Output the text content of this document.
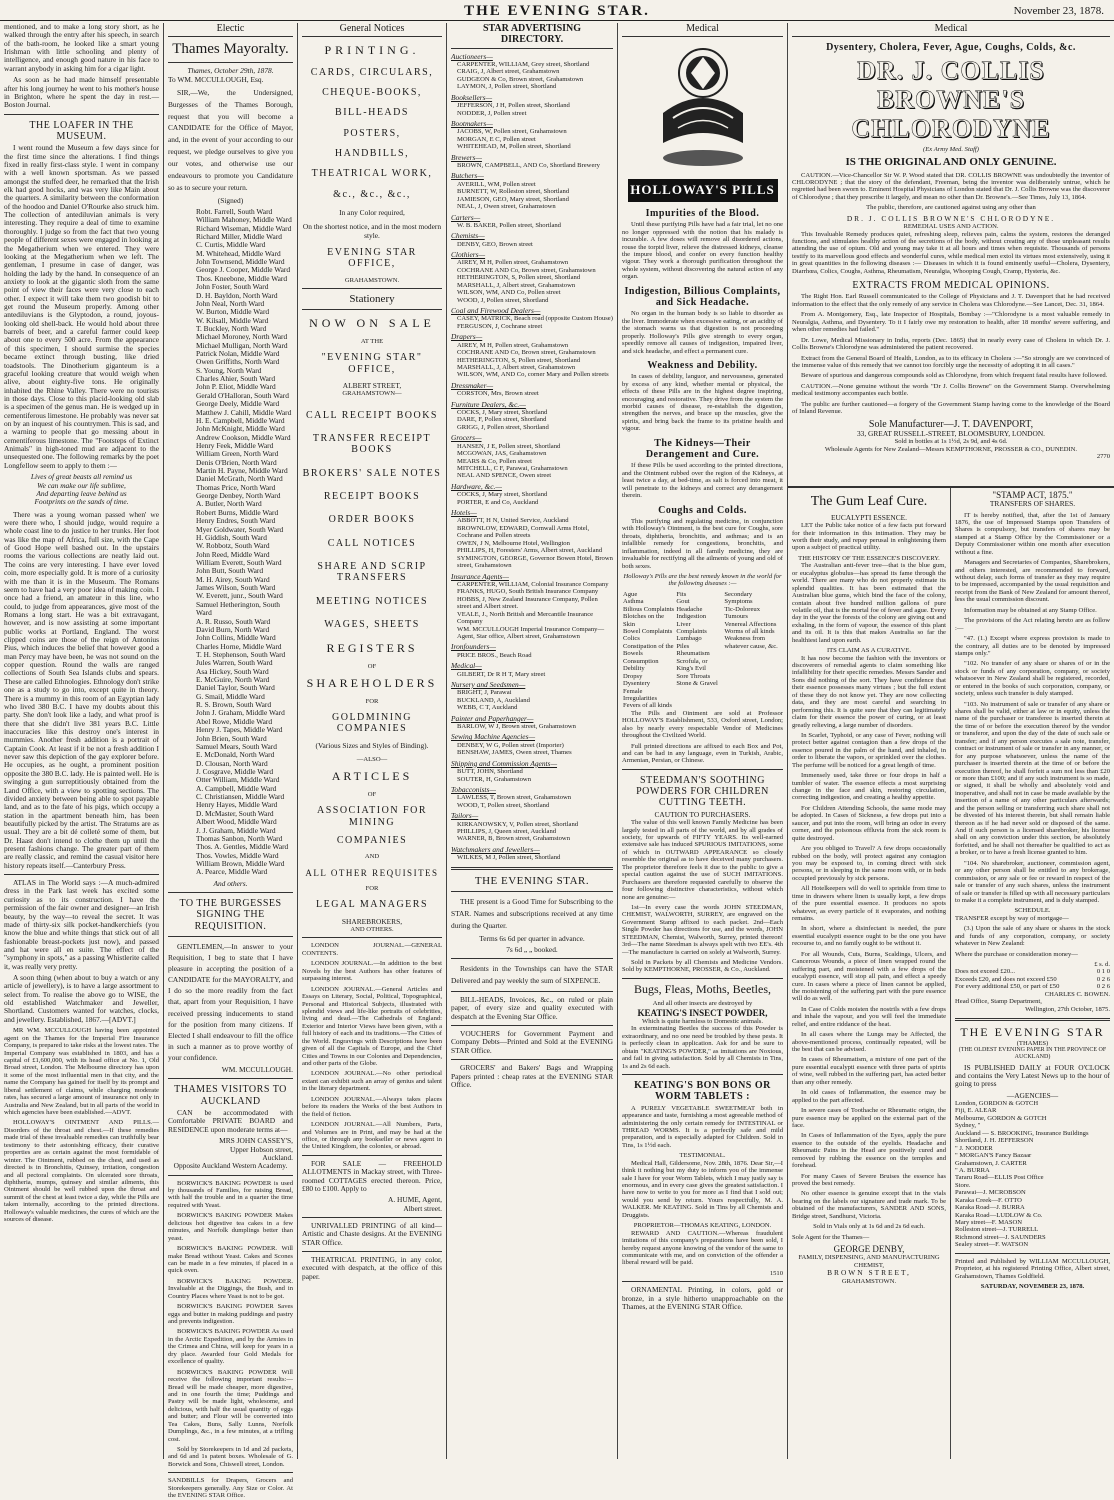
THE EVENING STAR.	November 23, 1878.

mentioned, and to make a long story short, as he walked through the entry after his speech, in search of the bath-room, he looked like a smart young Irishman with little schooling and plenty of intelligence, and enough good nature in his face to warrant anybody in asking him for a cigar light.

As soon as he had made himself presentable after his long journey he went to his mother's house in Brighton, where he spent the day in rest.—Boston Journal.

THE LOAFER IN THE MUSEUM.

I went round the Museum a few days since for the first time since the alterations. I find things fixed in really first-class style. I went in company with a well known sportsman. As we passed amongst the stuffed deer, he remarked that the Irish elk had good hocks, and was very like Main about the quarters. A similarity between the conformation of the hoodoo and Daniel O'Rourke also struck him. The collection of antediluvian animals is very interesting. They require a deal of time to examine thoroughly. I judge so from the fact that two young people of different sexes were engaged in looking at the Megatherium when we entered. They were looking at the Megatherium when we left. The gentleman, I presume in case of danger, was holding the lady by the hand. In consequence of an anxiety to look at the gigantic sloth from the same point of view their faces were very close to each other. I expect it will take them two goodish bit to get round the Museum properly. Among other antediluvians is the Glyptodon, a round, joyous-looking old shell-back. He would hold about three barrels of beer, and a careful farmer could keep about one to every 500 acre. From the appearance of this specimen, I should surmise the species became extinct through busting, like dried toadstools. The Dinotherium giganteum is a graceful looking creature that would weigh when alive, about eighty-five tons. He originally inhabited the Rhine Valley. There were no tourists in those days. Close to this placid-looking old slab is a specimen of the genus man. He is wedged up in cementiferous limestone. He probably was never sat on by an inquest of his countrymen. This is sad, and a warning to people that go messing about in cementiferous limestone. The "Footsteps of Extinct Animals" in high-toned mud are adjacent to the unsequested one. The following remarks by the poet Longfellow seem to apply to them :—

Lives of great beasts all remind us
We can make our life sublime,
And departing leave behind us
Footprints on the sands of time.

There was a young woman passed when' we were there who, I should judge, would require a whole coast line to do justice to her trunks. Her foot was like the map of Africa, full size, with the Cape of Good Hope well bashed out. In the upstairs rooms the various collections are neatly laid out. The coins are very interesting. I have ever loved coin, more especially gold. It is more of a curiosity with me than it is in the Museum. The Romans seem to have had a very poor idea of making coin. I once had a friend, an amateur in this line, who could, to judge from appearances, give most of the Romans a long start. He was a bit extravagant, however, and is now assisting at some important public works at Portland, England. The worst clipped coins are those of the reign of Antonius Pius, which induces the belief that however good a man Percy may have been, he was not sound on the copper question. Round the walls are ranged collections of South Sea Islands clubs and spears. These are called Ethnologies. Ethnology don't strike one as a study to go into, except quite in theory. There is a mummy in this room of an Egyptian lady who lived 380 B.C. I have my doubts about this party. She don't look like a lady, and what proof is there that she didn't live 381 years B.C. Little inaccuracies like this destroy one's interest in mummies. Another fresh addition is a portrait of Captain Cook. At least if it be not a fresh addition I never saw this depiction of the gay explorer before. He occupies, as he ought, a prominent position opposite the 380 B.C. lady. He is painted well. He is swinging a gun surreptitiously obtained from the Land Office, with a view to spotting sections. The divided anxiety between being able to spot payable land, and as to the fate of his pigs, which occupy a station in the apartment beneath him, has been beautifully picked by the artist. The Stratums are as usual. They are a bit dé colleté some of them, but Dr. Haast don't intend to clothe them up until the present fashions change. The greater part of them are really classic, and remind the casual visitor here history repeats itself.—Canterbury Press.

ATLAS in The World says :—A much-admired dress in the Park last week has excited some curiosity as to its construction. I have the permission of the fair owner and designer—an Irish beauty, by the way—to reveal the secret. It was made of thirty-six silk pocket-handkerchiefs (you know the blue and white things that stick out of all fashionable breast-pockets just now), and passed and hat were all en suite. The effect of the "symphony in spots," as a passing Whistlerite called it, was really very pretty.

A soon thing (when about to buy a watch or any article of jewellery), is to have a large assortment to select from. To realise the above go to WISE, the old established Watchmaker and Jeweller, Shortland. Customers wanted for watches, clocks, and jewellery. Established, 1867.—[ADVT.]

MR WM. MCCULLOUGH having been appointed agent on the Thames for the Imperial Fire Insurance Company, is prepared to take risks at the lowest rates. The Imperial Company was established in 1803, and has a capital of £1,600,000, with its head office at No. 1, Old Broad street, London. The Melbourne directory has upon it some of the most influential men in that city, and the name the Company has gained for itself by its prompt and liberal settlement of claims, while charging moderate rates, has secured a large amount of insurance not only in Australia and New Zealand, but in all parts of the world in which agencies have been established.—ADVT.

HOLLOWAY'S OINTMENT AND PILLS.—Disorders of the throat and chest.—If these remedies made trial of these invaluable remedies can truthfully bear testimony to their astonishing efficacy, their curative properties are as certain against the most formidable of winter. The Ointment, rubbed on the chest, and used as directed is in Bronchitis, Quinsey, irritation, congestion and all pectoral complaints. On ulcerated sore throats, diphtheria, mumps, quinsey and similar ailments, this Ointment should be well rubbed upon the throat and summit of the chest at least twice a day, while the Pills are taken internally, according to the printed directions. Holloway's valuable medicines, the cures of which are the sources of disease.

Electic
Thames Mayoralty.
Thames, October 29th, 1878.

To WM. MCCULLOUGH, Esq.

SIR,—We, the Undersigned, Burgesses of the Thames Borough, request that you will become a CANDIDATE for the Office of Mayor, and, in the event of your according to our request, we pledge ourselves to give you our votes, and otherwise use our endeavours to promote you Candidature so as to secure your return.

(Signed)

Robt. Farrell, South Ward
William Mahoney, Middle Ward
Richard Wiseman, Middle Ward
Richard Miller, Middle Ward
C. Curtis, Middle Ward
M. Whitehead, Middle Ward
John Townsend, Middle Ward
George J. Cooper, Middle Ward
Thos. Kneebone, Middle Ward
John Foster, South Ward
D. H. Bayldon, North Ward
John Neal, North Ward
W. Burton, Middle Ward
W. Kilsall, Middle Ward
T. Buckley, North Ward
Michael Moroney, North Ward
Michael Mulligan, North Ward
Patrick Nolan, Middle Ward
Owen Griffiths, North Ward
S. Young, North Ward
Charles Ahier, South Ward
John P. Eliot, Middle Ward
Gerald O'Halloran, South Ward
George Deely, Middle Ward
Matthew J. Cahill, Middle Ward
H. E. Campbell, Middle Ward
John McKnight, Middle Ward
Andrew Cookson, Middle Ward
Henry Feek, Middle Ward
William Green, North Ward
Denis O'Brien, North Ward
Martin H. Payne, Middle Ward
Daniel McGrath, North Ward
Thomas Price, North Ward
George Denbey, North Ward
A. Butler, North Ward
Robert Burns, Middle Ward
Henry Endres, South Ward
Myer Goldwater, South Ward
H. Giddish, South Ward
W. Robbotz, South Ward
John Reed, Middle Ward
William Everett, South Ward
John Butt, South Ward
M. H. Airey, South Ward
James Wilson, South Ward
W. Everett, junr., South Ward
Samuel Hetherington, South Ward
A. R. Russo, South Ward
David Burn, North Ward
John Collins, Middle Ward
Charles Horne, Middle Ward
T. H. Stephenson, South Ward
Jules Warren, South Ward
Asa Hickey, South Ward
E. McGuire, North Ward
Daniel Taylor, South Ward
G. Smail, Middle Ward
R. S. Brown, South Ward
John J. Graham, Middle Ward
Abel Rowe, Middle Ward
Henry J. Tapes, Middle Ward
John Brien, South Ward
Samuel Mears, South Ward
E. McDonald, North Ward
D. Clousan, North Ward
J. Cosgrave, Middle Ward
Otter William, Middle Ward
A. Campbell, Middle Ward
C. Christiansen, Middle Ward
Henry Hayes, Middle Ward
D. McMaster, South Ward
Albert Wood, Middle Ward
J. J. Graham, Middle Ward
Thomas Sanbon, North Ward
Thos. A. Gentles, Middle Ward
Thos. Vowles, Middle Ward
William Brown, Middle Ward
A. Pearce, Middle Ward

And others.

TO THE BURGESSES SIGNING THE REQUISITION.

GENTLEMEN,—In answer to your Requisition, I beg to state that I have pleasure in accepting the position of a CANDIDATE for the MAYORALTY, and I do so the more readily from the fact that, apart from your Requisition, I have received pressing inducements to stand for the position from many citizens. If Elected I shall endeavour to fill the office in such a manner as to prove worthy of your confidence.

WM. MCCULLOUGH.

THAMES VISITORS TO AUCKLAND

CAN be accommodated with Comfortable PRIVATE BOARD and RESIDENCE upon moderate terms at—

MRS JOHN CASSEY'S,
Upper Hobson street,
Auckland.
Opposite Auckland Western Academy.

BORWICK'S BAKING POWDER is used by thousands of Families, for raising Bread, with half the trouble and in a quarter the time required with Yeast.

BORWICK'S BAKING POWDER Makes delicious hot digestive tea cakes in a few minutes, and Norfolk dumplings better than yeast.

BORWICK'S BAKING POWDER. Will make Bread without Yeast. Cakes and Scones can be made in a few minutes, if placed in a quick oven.

BORWICK'S BAKING POWDER. Invaluable at the Diggings, the Bush, and in Country Places where Yeast is not to be got.

BORWICK'S BAKING POWDER Saves eggs and butter in making puddings and pastry and prevents indigestion.

BORWICK'S BAKING POWDER As used in the Arctic Expedition, and by the Armies in the Crimea and China, will keep for years in a dry place. Awarded four Gold Medals for excellence of quality.

BORWICK'S BAKING POWDER Will receive the following important results:—Bread will be made cheaper, more digestive, and in one fourth the time; Puddings and Pastry will be made light, wholesome, and delicious, with half the usual quantity of eggs and butter; and Flour will be converted into Tea Cakes, Buns, Sally Lunns, Norfolk Dumplings, &c., in a few minutes, at a trifling cost.

Sold by Storekeepers in 1d and 2d packets, and 6d and 1s patent boxes. Wholesale of G. Borwick and Sons, Chiswell street, London.

SANDBILLS for Drapers, Grocers and Storekeepers generally. Any Size or Color. At the EVENING STAR Office.

General Notices
PRINTING.
CARDS, CIRCULARS,
CHEQUE-BOOKS,
BILL-HEADS
POSTERS,
HANDBILLS,
THEATRICAL WORK,
&c., &c., &c.,
In any Color required,
On the shortest notice, and in the most modern style.
EVENING STAR OFFICE,
GRAHAMSTOWN.
Stationery
NOW ON SALE
AT THE
"EVENING STAR" OFFICE,
ALBERT STREET,
GRAHAMSTOWN—
CALL RECEIPT BOOKS
TRANSFER RECEIPT BOOKS
BROKERS' SALE NOTES
RECEIPT BOOKS
ORDER BOOKS
CALL NOTICES
SHARE AND SCRIP TRANSFERS
MEETING NOTICES
WAGES, SHEETS
REGISTERS
OF
SHAREHOLDERS
FOR
GOLDMINING COMPANIES
(Various Sizes and Styles of Binding).
—ALSO—
ARTICLES
OF
ASSOCIATION FOR MINING
COMPANIES
AND
ALL OTHER REQUISITES
FOR
LEGAL MANAGERS
SHAREBROKERS,
AND OTHERS.

LONDON JOURNAL.—GENERAL CONTENTS.

LONDON JOURNAL.—In addition to the best Novels by the best Authors has other features of surpassing interest.

LONDON JOURNAL.—General Articles and Essays on Literary, Social, Political, Topographical, Personal and Historical Subjects, illustrated with splendid views and life-like portraits of celebrities, living and dead.—The Cathedrals of England: Exterior and Interior Views have been given, with a full history of each and its traditions.—The Cities of the World. Engravings with Descriptions have been given of all the Capitals of Europe, and the Chief Cities and Towns in our Colonies and Dependencies, and other parts of the Globe.

LONDON JOURNAL.—No other periodical extant can exhibit such an array of genius and talent in the literary department.

LONDON JOURNAL.—Always takes places before its readers the Works of the best Authors in the field of fiction.

LONDON JOURNAL.—All Numbers, Parts, and Volumes are in Print, and may be had at the office, or through any bookseller or news agent in the United Kingdom, the colonies, or abroad.

FOR SALE — FREEHOLD ALLOTMENTS in Mackay street, with Three-roomed COTTAGES erected thereon. Price, £80 to £100. Apply to

A. HUME, Agent,

Albert street.

UNRIVALLED PRINTING of all kind—Artistic and Chaste designs. At the EVENING STAR Office.

THEATRICAL PRINTING, in any color, executed with despatch, at the office of this paper.

STAR ADVERTISING DIRECTORY.
Auctioneers—
CARPENTER, WILLIAM, Grey street, Shortland
CRAIG, J, Albert street, Grahamstown
GUDGEON & Co, Brown street, Grahamstown
LAYMON, J, Pollen street, Shortland
Booksellers—
JEFFERSON, J H, Pollen street, Shortland
NODDER, J, Pollen street
Bootmakers—
JACOBS, W, Pollen street, Grahamstown
MORGAN, E C, Pollen street
WHITEHEAD, M, Pollen street, Shortland
Brewers—
BROWN, CAMPBELL, AND Co, Shortland Brewery
Butchers—
AVERILL, WM, Pollen street
BURNETT, W, Rolleston street, Shortland
JAMIESON, GEO, Mary street, Shortland
NEAL, J, Owen street, Grahamstown
Carters—
W. B. BAKER, Pollen street, Shortland
Chemists—
DENBY, GEO, Brown street
Clothiers—
AIREY, M H, Pollen street, Grahamstown
COCHRANE AND Co, Brown street, Grahamstown
HETHERINGTON, S, Pollen street, Shortland
MARSHALL, J, Albert street, Grahamstown
WILSON, WM, AND Co, Pollen street
WOOD, J, Pollen street, Shortland
Coal and Firewood Dealers—
CASEY, MATRICK, Beach road (opposite Custom House)
FERGUSON, J, Cochrane street
Drapers—
AIREY, M H, Pollen street, Grahamstown
COCHRANE AND Co, Brown street, Grahamstown
HETHERINGTON, S, Pollen street, Shortland
MARSHALL, J, Albert street, Grahamstown
WILSON, WM, AND Co, corner Mary and Pollen streets
Dressmaker—
CORSTON, Mrs, Brown street
Furniture Dealers, &c.—
COCKS, J, Mary street, Shortland
DARE, F, Pollen street, Shortland
GRIGG, J, Pollen street, Shortland
Grocers—
HANSEN, J E, Pollen street, Shortland
MCGOWAN, JAS, Grahamstown
MEARS & Co, Pollen street
MITCHELL, C F, Parawai, Grahamstown
NEAL AND SPENCE, Owen street
Hardware, &c.—
COCKS, J, Mary street, Shortland
PORTER, E and Co, Auckland
Hotels—
ABBOTT, H N, United Service, Auckland
BROWNLOW, EDWARD, Cornwall Arms Hotel, Cochrane and Pollen streets
OWEN, J N, Melbourne Hotel, Wellington
PHILLIPS, H, Foresters' Arms, Albert street, Auckland
SYMINGTON, GEORGE, Governor Bowen Hotel, Brown street, Grahamstown
Insurance Agents—
CARPENTER, WILLIAM, Colonial Insurance Company
FRANKS, HUGO, South British Insurance Company
HOBBS, J, New Zealand Insurance Company, Pollen street and Albert street.
VEALE, J., North British and Mercantile Insurance Company
WM. MCCULLOUGH Imperial Insurance Company—Agent, Star office, Albert street, Grahamstown
Ironfounders—
PRICE BROS., Beach Road
Medical—
GILBERT, Dr R H T, Mary street
Nursery and Seedsmen—
BRIGHT, J, Parawai
BUCKLAND, A, Auckland
WEBB, C T, Auckland
Painter and Paperhanger—
BARLOW, W J, Brown street, Grahamstown
Sewing Machine Agencies—
DENBEY, W G, Pollen street (Importer)
BENSHAW, JAMES, Owen street, Thames
Shipping and Commission Agents—
BUTT, JOHN, Shortland
SOUTER, H, Grahamstown
Tobacconists—
LAWLESS, T, Brown street, Grahamstown
WOOD, T, Pollen street, Shortland
Tailors—
KIRKANOWSKY, V, Pollen street, Shortland
PHILLIPS, J, Queen street, Auckland
WARNER, B, Brown street, Grahamstown
Watchmakers and Jewellers—
WILKES, M J, Pollen street, Shortland
THE EVENING STAR.

THE present is a Good Time for Subscribing to the STAR. Names and subscriptions received at any time during the Quarter.

Terms 6s 6d per quarter in advance.

7s 6d „ „ booked.

Residents in the Townships can have the STAR Delivered and pay weekly the sum of SIXPENCE.

BILL-HEADS, Invoices, &c., on ruled or plain paper, of every size and quality executed with despatch at the Evening Star Office.

VOUCHERS for Government Payment and Company Debts—Printed and Sold at the EVENING STAR Office.

GROCERS' and Bakers' Bags and Wrapping Papers printed : cheap rates at the EVENING STAR Office.

Medical
HOLLOWAY'S PILLS
Impurities of the Blood.

Until these purifying Pills have had a fair trial, let no one no longer oppressed with the notion that his malady is incurable. A few doses will remove all disordered actions, rouse the torpid liver, relieve the distressed kidneys, cleanse the impure blood, and confer on every function healthy vigour. They work a thorough purification throughout the whole system, without discovering the natural action of any organ.

Indigestion, Billious Complaints, and Sick Headache.

No organ in the human body is so liable to disorder as the liver. Immoderate when excessive eating, or an acidity of the stomach warns us that digestion is not proceeding properly. Holloway's Pills give strength to every organ, speedily remove all causes of indigestion, impaired liver, and sick headache, and effect a permanent cure.

Weakness and Debility.

In cases of debility, languor, and nervousness, generated by excess of any kind, whether mental or physical, the effects of these Pills are in the highest degree inspiring, encouraging and restorative. They drive from the system the morbid causes of disease, re-establish the digestion, strengthen the nerves, and brace up the muscles, give the spirits, and bring back the frame to its pristine health and vigour.

The Kidneys—Their Derangement and Cure.

If these Pills be used according to the printed directions, and the Ointment rubbed over the region of the Kidneys, at least twice a day, at bed-time, as salt is forced into meat, it will penetrate to the kidneys and correct any derangement therein.

Coughs and Colds.

This purifying and regulating medicine, in conjunction with Holloway's Ointment, is the best cure for Coughs, sore throats, diphtheria, bronchitis, and asthmas; and is an infallible remedy for congestions, bronchitis, and inflammation, indeed in all family medicine, they are invaluable for rectifying all the ailments of young and old of both sexes.

Holloway's Pills are the best remedy known in the world for the following diseases :—

Ague
Asthma
Bilious Complaints
Blotches on the Skin
Bowel Complaints
Colics
Constipation of the Bowels
Consumption
Debility
Dropsy
Dysentery
Female Irregularities
Fevers of all kinds

Fits
Gout
Headache
Indigestion
Liver Complaints
Lumbago
Piles
Rheumatism
Scrofula, or King's Evil
Sore Throats
Stone & Gravel

Secondary Symptoms
Tic-Doloreux
Tumours
Venereal Affections
Worms of all kinds
Weakness from whatever cause, &c.

The Pills and Ointment are sold at Professor HOLLOWAY'S Establishment, 533, Oxford street, London; also by nearly every respectable Vendor of Medicines throughout the Civilized World.

Full printed directions are affixed to each Box and Pot, and can be had in any language, even in Turkish, Arabic, Armenian, Persian, or Chinese.

STEEDMAN'S SOOTHING POWDERS FOR CHILDREN CUTTING TEETH.
CAUTION TO PURCHASERS.

The value of this well known Family Medicine has been largely tested in all parts of the world, and by all grades of society, for upwards of FIFTY YEARS. Its well-earned extensive sale has induced SPURIOUS IMITATIONS, some of which in OUTWARD APPEARANCE so closely resemble the original as to have deceived many purchasers. The proprietor therefore feels it due to the public to give a special caution against the use of SUCH IMITATIONS. Purchasers are therefore requested carefully to observe the four following distinctive characteristics, without which none are genuine:—

1st—In every case the words JOHN STEEDMAN, CHEMIST, WALWORTH, SURREY, are engraved on the Government Stamp affixed to each packet. 2nd—Each Single Powder has directions for use, and the words, JOHN STEEDMAN, Chemist, Walworth, Surrey, printed thereon! 3rd—The name Steedman is always spelt with two EE's. 4th—The manufacture is carried on solely at Walworth, Surrey.

Sold in Packets by all Chemists and Medicine Vendors. Sold by KEMPTHORNE, PROSSER, & Co., Auckland.

Bugs, Fleas, Moths, Beetles,
And all other insects are destroyed by
KEATING'S INSECT POWDER,
Which is quite harmless to Domestic animals.

In exterminating Beetles the success of this Powder is extraordinary, and no one need be troubled by these pests. It is perfectly clean in application. Ask for and be sure to obtain "KEATING'S POWDER," as imitations are Noxious, and fail in giving satisfaction. Sold by all Chemists in Tins, 1s and 2s 6d each.

KEATING'S BON BONS OR WORM TABLETS :

A PURELY VEGETABLE SWEETMEAT both in appearance and taste, furnishing a most agreeable method of administering the only certain remedy for INTESTINAL or THREAD WORMS. It is a perfectly safe and mild preparation, and is especially adapted for Children. Sold in Tins, 1s 1½d each.

TESTIMONIAL.

Medical Hall, Gildersome, Nov. 28th, 1876. Dear Sir,—I think it nothing but my duty to inform you of the immense sale I have for your Worm Tablets, which I may justly say is enormous, and in every case gives the greatest satisfaction. I have now to write to you for more as I find that I sold out; would you send by return. Yours respectfully, M. A. WALKER. Mr KEATING. Sold in Tins by all Chemists and Druggists.

PROPRIETOR—THOMAS KEATING, LONDON.

REWARD AND CAUTION.—Whereas fraudulent imitations of this company's preparations have been sold, I hereby request anyone knowing of the vendor of the same to communicate with me, and on conviction of the offender a liberal reward will be paid.

1510

ORNAMENTAL Printing, in colors, gold or bronze, in a style hitherto unapproachable on the Thames, at the EVENING STAR Office.

Medical
Dysentery, Cholera, Fever, Ague, Coughs, Colds, &c.
DR. J. COLLIS BROWNE'S CHLORODYNE
(Ex Army Med. Staff)
IS THE ORIGINAL AND ONLY GENUINE.

CAUTION.—Vice-Chancellor Sir W. P. Wood stated that DR. COLLIS BROWNE was undoubtedly the inventor of CHLORODYNE ; that the story of the defendant, Freeman, being the inventor was deliberately untrue, which he regretted had been sworn to. Eminent Hospital Physicians of London stated that Dr. J. Collis Browne was the discoverer of Chlorodyne ; that they prescribe it largely, and mean no other than Dr. Browne's.—See Times, July 13, 1864.

The public, therefore, are cautioned against using any other than

DR. J. COLLIS BROWNE'S CHLORODYNE.
REMEDIAL USES AND ACTION.

This Invaluable Remedy produces quiet, refreshing sleep, relieves pain, calms the system, restores the deranged functions, and stimulates healthy action of the secretions of the body, without creating any of those unpleasant results attending the use of opium. Old and young may take it at all hours and times when requisite. Thousands of persons testify to its marvellous good effects and wonderful cures, while medical men extol its virtues most extensively, using it in great quantities in the following diseases :— Diseases in which it is found eminently useful—Cholera, Dysentery, Diarrhœa, Colics, Coughs, Asthma, Rheumatism, Neuralgia, Whooping Cough, Cramp, Hysteria, &c.

EXTRACTS FROM MEDICAL OPINIONS.

The Right Hon. Earl Russell communicated to the College of Physicians and J. T. Davenport that he had received information to the effect that the only remedy of any service in Cholera was Chlorodyne.—See Lancet, Dec. 31, 1864.

From A. Montgomery, Esq., late Inspector of Hospitals, Bombay :—"Chlorodyne is a most valuable remedy in Neuralgia, Asthma, and Dysentery. To it I fairly owe my restoration to health, after 18 months' severe suffering, and when other remedies had failed."

Dr. Lowe, Medical Missionary in India, reports (Dec. 1865) that in nearly every case of Cholera in which Dr. J. Collis Browne's Chlorodyne was administered the patient recovered.

Extract from the General Board of Health, London, as to its efficacy in Cholera :—"So strongly are we convinced of the immense value of this remedy that we cannot too forcibly urge the necessity of adopting it in all cases."

Beware of spurious and dangerous compounds sold as Chlorodyne, from which frequent fatal results have followed.

CAUTION.—None genuine without the words "Dr J. Collis Browne" on the Government Stamp. Overwhelming medical testimony accompanies each bottle.

The public are further cautioned—a forgery of the Government Stamp having come to the knowledge of the Board of Inland Revenue.

Sole Manufacturer—J. T. DAVENPORT,
33, GREAT RUSSELL-STREET, BLOOMSBURY, LONDON.
Sold in bottles at 1s 1½d, 2s 9d, and 4s 6d.
Wholesale Agents for New Zealand—Messrs KEMPTHORNE, PROSSER & CO., DUNEDIN.
2770
The Gum Leaf Cure.
EUCALYPTI ESSENCE.

LET the Public take notice of a few facts put forward for their information in this intimation. They may be worth their study, and repay perusal in enlightening them upon a subject of practical utility.

THE HISTORY OF THE ESSENCE'S DISCOVERY.

The Australian anti-fever tree—that is the blue gum, or eucalyptus globulus—has spread its fame through the world. There are many who do not properly estimate its splendid qualities. It has been estimated that the Australian blue gums, which bind the face of the colony, contain about five hundred million gallons of pure volatile oil, that is the mortal foe of fever and ague. Every day in the year the forests of the colony are giving out and exhaling, in the form of vapour, the essence of this plant and its oil. It is this that makes Australia so far the healthiest land upon earth.

ITS CLAIM AS A CURATIVE.

It has now become the fashion with the inventors or discoverers of remedial agents to claim something like infallibility for their specific remedies. Messrs Sander and Sons did nothing of the sort. They have confidence that their essence possesses many virtues ; but the full extent of these they do not know yet. They are now collecting data, and they are most careful and searching in performing this. It is quite sure that they can legitimately claim for their essence the power of curing, or at least greatly relieving, a large number of disorders.

In Scarlet, Typhoid, or any case of Fever, nothing will protect better against contagion than a few drops of the essence poured in the palm of the hand, and inhaled, in order to liberate the vapors, or sprinkled over the clothes. The perfume will be noticed for a great length of time.

Immensely used, take three or four drops in half a tumbler of water. The essence effects a most surprising change in the face and skin, restoring circulation, correcting indigestion, and creating a healthy appetite.

For Children Attending Schools, the same mode may be adopted. In Cases of Sickness, a few drops put into a saucer, and put into the room, will bring an odor in every corner, and the poisonous effluvia from the sick room is quite destroyed.

Are you obliged to Travel? A few drops occasionally rubbed on the body, will protect against any contagion you may be exposed to, in coming direct with sick persons, or in sleeping in the same room with, or in beds occupied previously by sick persons.

All Hotelkeepers will do well to sprinkle from time to time in drawers where linen is usually kept, a few drops of the pure essential essence. It produces no spots whatever, as every particle of it evaporates, and nothing remains.

In short, where a disinfectant is needed, the pure essential eucalypti essence ought to be the one you have recourse to, and no family ought to be without it.

For all Wounds, Cuts, Burns, Scaldings, Ulcers, and Cancerous Wounds, a piece of linen wrapped round the suffering part, and moistened with a few drops of the eucalypti essence, will stop all pain, and effect a speedy cure. In cases where a piece of linen cannot be applied, the moistening of the suffering part with the pure essence will do as well.

In Case of Colds moisten the nostrils with a few drops and inhale the vapour, and you will feel the immediate relief, and entire riddance of the heat.

In all cases where the Lungs may be Affected, the above-mentioned process, continually repeated, will be the best that can be advised.

In cases of Rheumatism, a mixture of one part of the pure essential eucalypti essence with three parts of spirits of wine, well rubbed in the suffering part, has acted better than any other remedy.

In old cases of Inflammation, the essence may be applied to the part affected.

In severe cases of Toothache or Rheumatic origin, the pure essence may be applied on the external part of the face.

In Cases of Inflammation of the Eyes, apply the pure essence to the outside of the eyelids. Headache and Rheumatic Pains in the Head are positively cured and removed by rubbing the essence on the temples and forehead.

For many Cases of Severe Bruises the essence has proved the best remedy.

No other essence is genuine except that in the vials bearing on the labels our signature and trade mark. To be obtained of the manufacturers, SANDER AND SONS, Bridge street, Sandhurst, Victoria.

Sold in Vials only at 1s 6d and 2s 6d each.

Sole Agent for the Thames—

GEORGE DENBY,
FAMILY, DISPENSING, AND MANUFACTURING CHEMIST,
BROWN STREET,
GRAHAMSTOWN.
"STAMP ACT, 1875."
TRANSFERS OF SHARES.

IT is hereby notified, that, after the 1st of January 1876, the use of Impressed Stamps upon Transfers of Shares is compulsory, but transfers of shares may be stamped at a Stamp Office by the Commissioner or a Deputy Commissioner within one month after execution without a fine.

Managers and Secretaries of Companies, Sharebrokers, and others interested, are recommended to forward, without delay, such forms of transfer as they may require to be impressed, accompanied by the usual requisition and receipt from the Bank of New Zealand for amount thereof, less the usual commission discount.

Information may be obtained at any Stamp Office.

The provisions of the Act relating hereto are as follow :—

"47. (1.) Except where express provision is made to the contrary, all duties are to be denoted by impressed stamps only."

"102. No transfer of any share or shares of or in the stock or funds of any corporation, company, or society whatsoever in New Zealand shall be registered, recorded, or entered in the books of such corporation, company, or society, unless such transfer is duly stamped.

"103. No instrument of sale or transfer of any share or shares shall be valid, either at law or in equity, unless the name of the purchaser or transferee is inserted therein at the time of or before the execution thereof by the vendor or transferor, and upon the day of the date of such sale or transfer; and if any person executes a sale note, transfer, contract or instrument of sale or transfer in any manner, or for any purpose whatsoever, unless the name of the purchaser is inserted therein at the time of or before the execution thereof, he shall forfeit a sum not less than £20 or more than £100; and if any such instrument is so made, or signed, it shall be wholly and absolutely void and inoperative, and shall not in case be made available by the insertion of a name of any other particulars afterwards; and the person selling or transferring such share shall not be divested of his interest therein, but shall remain liable thereon as if he had never sold or disposed of the same. And if such person is a licensed sharebroker, his license shall on any conviction under this section, be absolutely forfeited, and he shall not thereafter be qualified to act as a broker, or to have a fresh license granted to him.

"104. No sharebroker, auctioneer, commission agent, or any other person shall be entitled to any brokerage, commission, or any sale or fee or reward in respect of the sale or transfer of any such shares, unless the instrument of sale or transfer is filled up with all necessary particulars to make it a complete instrument, and is duly stamped.

SCHEDULE.

TRANSFER except by way of mortgage—

(3.) Upon the sale of any share or shares in the stock and funds of any corporation, company, or society whatever in New Zealand:

Where the purchase or consideration money—

£ s. d.
Does not exceed £20...	0 1 0
Exceeds £20, and does not exceed £50	0 2 6
For every additional £50, or part of £50	0 2 6
CHARLES C. BOWEN.
Head Office, Stamp Department,
Wellington, 27th October, 1875.
THE EVENING STAR
(THAMES)
(THE OLDEST EVENING PAPER IN THE PROVINCE OF AUCKLAND)

IS PUBLISHED DAILY at FOUR O'CLOCK and contains the Very Latest News up to the hour of going to press

—AGENCIES—
London, GORDON & GOTCH
Fiji, E. ALEAR
Melbourne, GORDON & GOTCH
Sydney, "
Auckland — S. BROOKING, Insurance Buildings
Shortland, J. H. JEFFERSON
" J. NODDER
" MORGAN'S Fancy Bazaar
Grahamstown, J. CARTER
" A. BURRA
Tararu Road—ELLIS Post Office
Store.
Parawai—J. MCROBSON
Karaka Creek—F. OTTO
Karaka Road—J. BURRA
Karaka Road—LUDLOW & Co.
Mary street—F. MASON
Rolleston street—J. TURRELL
Richmond street—J. SAUNDERS
Sealey street—F. WATSON

Printed and Published by WILLIAM MCCULLOUGH, Proprietor, at his registered Printing Office, Albert street, Grahamstown, Thames Goldfield.

SATURDAY, NOVEMBER 23, 1878.
